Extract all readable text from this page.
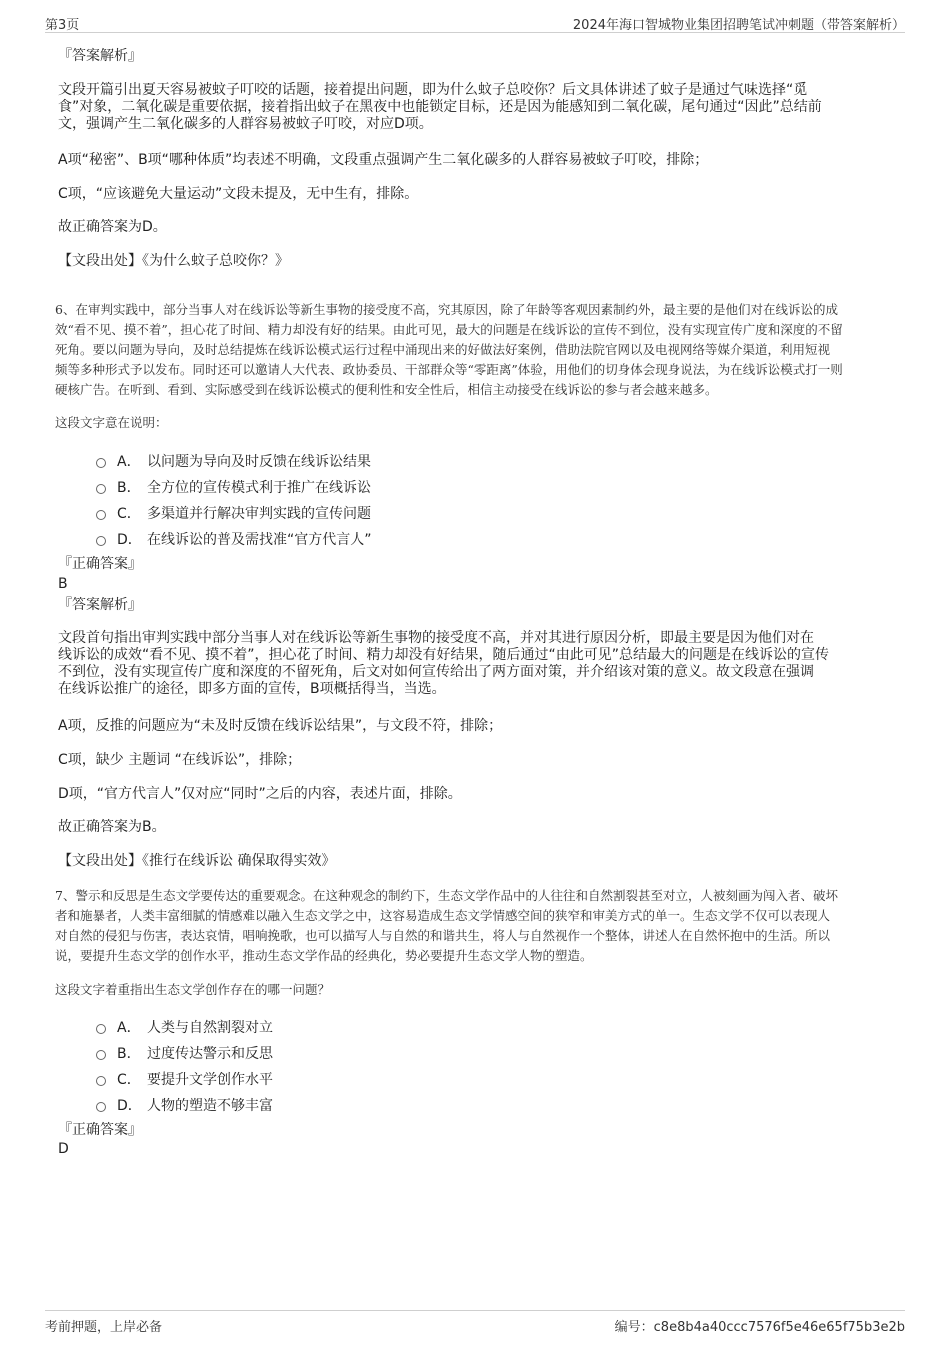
第3页	2024年海口智城物业集团招聘笔试冲刺题（带答案解析）
『答案解析』
文段开篇引出夏天容易被蚊子叮咬的话题，接着提出问题，即为什么蚊子总咬你？后文具体讲述了蚊子是通过气味选择“觅
食”对象，二氧化碳是重要依据，接着指出蚊子在黑夜中也能锁定目标，还是因为能感知到二氧化碳，尾句通过“因此”总结前
文，强调产生二氧化碳多的人群容易被蚊子叮咬，对应D项。
A项“秘密”、B项“哪种体质”均表述不明确，文段重点强调产生二氧化碳多的人群容易被蚊子叮咬，排除；
C项，“应该避免大量运动”文段未提及，无中生有，排除。
故正确答案为D。
【文段出处】《为什么蚊子总咬你？》
6、在审判实践中，部分当事人对在线诉讼等新生事物的接受度不高，究其原因，除了年龄等客观因素制约外，最主要的是他们对在线诉讼的成
效“看不见、摸不着”，担心花了时间、精力却没有好的结果。由此可见，最大的问题是在线诉讼的宣传不到位，没有实现宣传广度和深度的不留
死角。要以问题为导向，及时总结提炼在线诉讼模式运行过程中涌现出来的好做法好案例，借助法院官网以及电视网络等媒介渠道，利用短视
频等多种形式予以发布。同时还可以邀请人大代表、政协委员、干部群众等“零距离”体验，用他们的切身体会现身说法，为在线诉讼模式打一则
硬核广告。在听到、看到、实际感受到在线诉讼模式的便利性和安全性后，相信主动接受在线诉讼的参与者会越来越多。
这段文字意在说明：
A． 以问题为导向及时反馈在线诉讼结果
B． 全方位的宣传模式利于推广在线诉讼
C． 多渠道并行解决审判实践的宣传问题
D． 在线诉讼的普及需找准“官方代言人”
『正确答案』
B
『答案解析』
文段首句指出审判实践中部分当事人对在线诉讼等新生事物的接受度不高，并对其进行原因分析，即最主要是因为他们对在
线诉讼的成效“看不见、摸不着”，担心花了时间、精力却没有好结果，随后通过“由此可见”总结最大的问题是在线诉讼的宣传
不到位，没有实现宣传广度和深度的不留死角，后文对如何宣传给出了两方面对策，并介绍该对策的意义。故文段意在强调
在线诉讼推广的途径，即多方面的宣传，B项概括得当，当选。
A项，反推的问题应为“未及时反馈在线诉讼结果”，与文段不符，排除；
C项，缺少 主题词 “在线诉讼”，排除；
D项，“官方代言人”仅对应“同时”之后的内容，表述片面，排除。
故正确答案为B。
【文段出处】《推行在线诉讼 确保取得实效》
7、警示和反思是生态文学要传达的重要观念。在这种观念的制约下，生态文学作品中的人往往和自然割裂甚至对立，人被刻画为闯入者、破坏
者和施暴者，人类丰富细腻的情感难以融入生态文学之中，这容易造成生态文学情感空间的狭窄和审美方式的单一。生态文学不仅可以表现人
对自然的侵犯与伤害，表达哀情，唱响挽歌，也可以描写人与自然的和谐共生，将人与自然视作一个整体，讲述人在自然怀抱中的生活。所以
说，要提升生态文学的创作水平，推动生态文学作品的经典化，势必要提升生态文学人物的塑造。
这段文字着重指出生态文学创作存在的哪一问题？
A． 人类与自然割裂对立
B． 过度传达警示和反思
C． 要提升文学创作水平
D． 人物的塑造不够丰富
『正确答案』
D
考前押题，上岸必备	编号：c8e8b4a40ccc7576f5e46e65f75b3e2b
